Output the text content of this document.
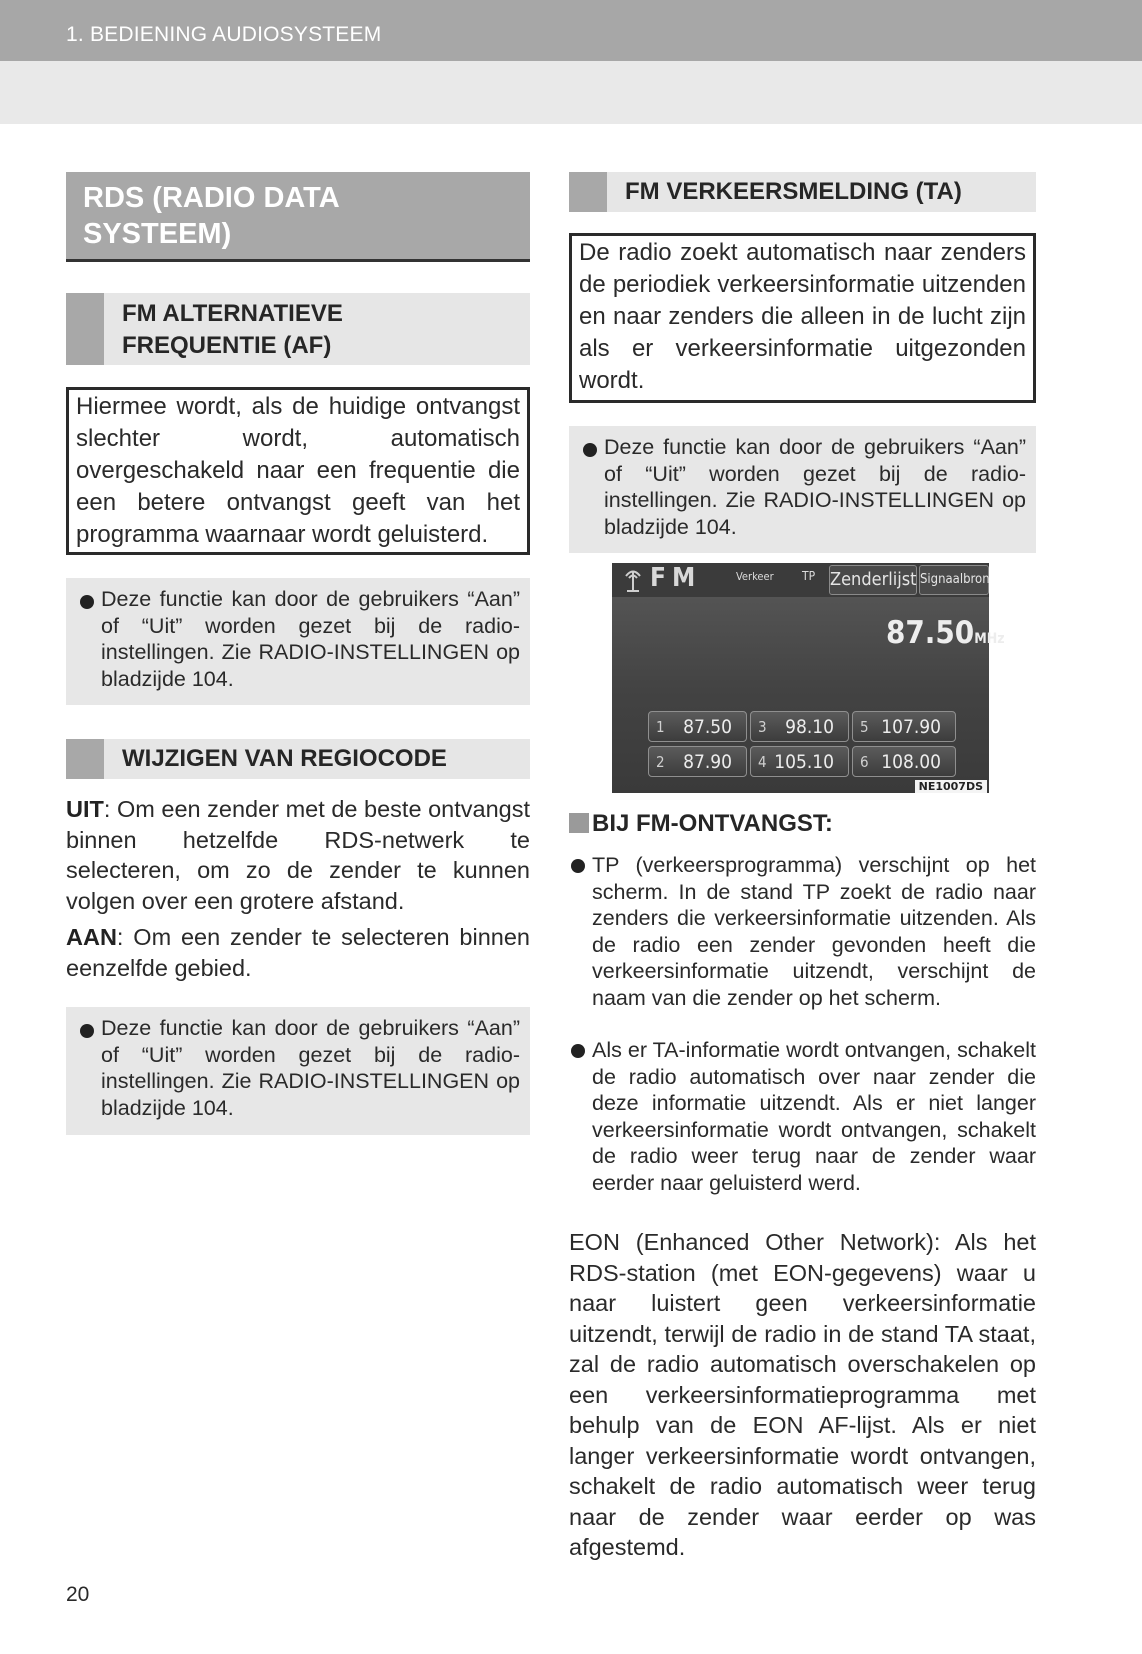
1. BEDIENING AUDIOSYSTEEM
RDS (RADIO DATA
SYSTEEM)
FM ALTERNATIEVE
FREQUENTIE (AF)
Hiermee wordt, als de huidige ontvangst slechter wordt, automatisch overgeschakeld naar een frequentie die een betere ontvangst geeft van het programma waarnaar wordt geluisterd.
Deze functie kan door de gebruikers “Aan” of “Uit” worden gezet bij de radio-instellingen. Zie RADIO-INSTELLINGEN op bladzijde 104.
WIJZIGEN VAN REGIOCODE
UIT: Om een zender met de beste ontvangst binnen hetzelfde RDS-netwerk te selecteren, om zo de zender te kunnen volgen over een grotere afstand.
AAN: Om een zender te selecteren binnen eenzelfde gebied.
Deze functie kan door de gebruikers “Aan” of “Uit” worden gezet bij de radio-instellingen. Zie RADIO-INSTELLINGEN op bladzijde 104.
FM VERKEERSMELDING (TA)
De radio zoekt automatisch naar zenders de periodiek verkeersinformatie uitzenden en naar zenders die alleen in de lucht zijn als er verkeersinformatie uitgezonden wordt.
Deze functie kan door de gebruikers “Aan” of “Uit” worden gezet bij de radio-instellingen. Zie RADIO-INSTELLINGEN op bladzijde 104.
FM	Verkeer TP Zenderlijst Signaalbron
87.50MHz
1 87.50 3 98.10 5 107.90
2 87.90 4 105.10 6 108.00
NE1007DS
BIJ FM-ONTVANGST:
TP (verkeersprogramma) verschijnt op het scherm. In de stand TP zoekt de radio naar zenders die verkeersinformatie uitzenden. Als de radio een zender gevonden heeft die verkeersinformatie uitzendt, verschijnt de naam van die zender op het scherm.
Als er TA-informatie wordt ontvangen, schakelt de radio automatisch over naar zender die deze informatie uitzendt. Als er niet langer verkeersinformatie wordt ontvangen, schakelt de radio weer terug naar de zender waar eerder naar geluisterd werd.
EON (Enhanced Other Network): Als het RDS-station (met EON-gegevens) waar u naar luistert geen verkeersinformatie uitzendt, terwijl de radio in de stand TA staat, zal de radio automatisch overschakelen op een verkeersinformatieprogramma met behulp van de EON AF-lijst. Als er niet langer verkeersinformatie wordt ontvangen, schakelt de radio automatisch weer terug naar de zender waar eerder op was afgestemd.
20
